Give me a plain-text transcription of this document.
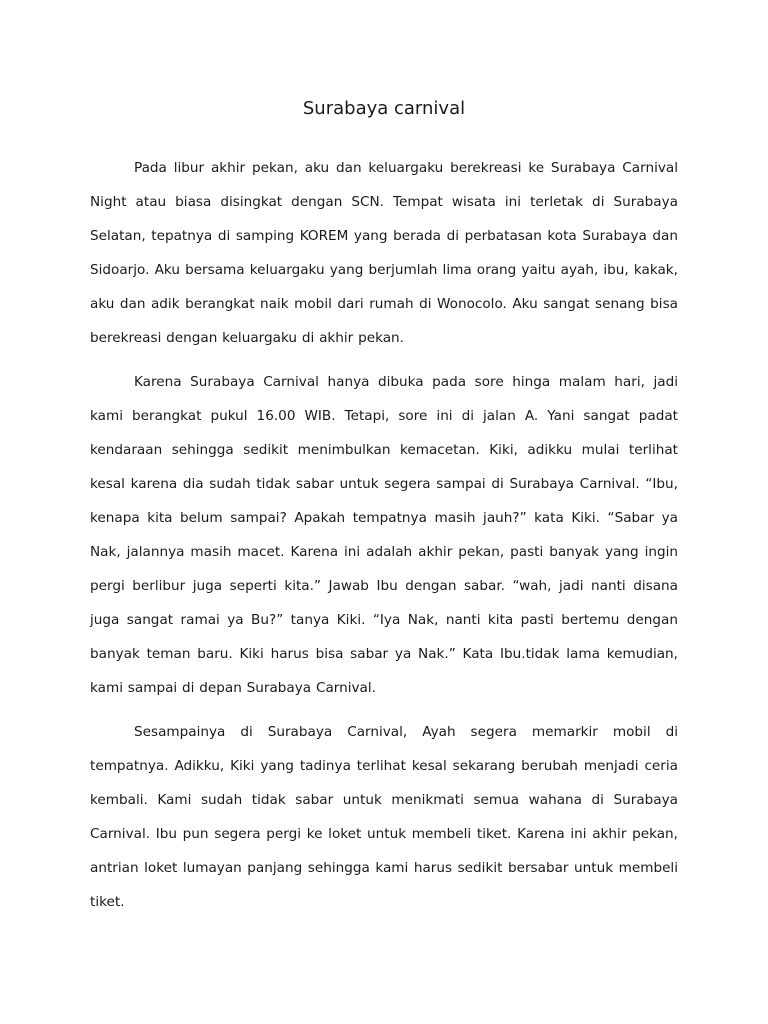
Surabaya carnival

Pada libur akhir pekan, aku dan keluargaku berekreasi ke Surabaya Carnival Night atau biasa disingkat dengan SCN. Tempat wisata ini terletak di Surabaya Selatan, tepatnya di samping KOREM yang berada di perbatasan kota Surabaya dan Sidoarjo. Aku bersama keluargaku yang berjumlah lima orang yaitu ayah, ibu, kakak, aku dan adik berangkat naik mobil dari rumah di Wonocolo. Aku sangat senang bisa berekreasi dengan keluargaku di akhir pekan.

Karena Surabaya Carnival hanya dibuka pada sore hinga malam hari, jadi kami berangkat pukul 16.00 WIB. Tetapi, sore ini di jalan A. Yani sangat padat kendaraan sehingga sedikit menimbulkan kemacetan. Kiki, adikku mulai terlihat kesal karena dia sudah tidak sabar untuk segera sampai di Surabaya Carnival. “Ibu, kenapa kita belum sampai? Apakah tempatnya masih jauh?” kata Kiki. “Sabar ya Nak, jalannya masih macet. Karena ini adalah akhir pekan, pasti banyak yang ingin pergi berlibur juga seperti kita.” Jawab Ibu dengan sabar. “wah, jadi nanti disana juga sangat ramai ya Bu?” tanya Kiki. “Iya Nak, nanti kita pasti bertemu dengan banyak teman baru. Kiki harus bisa sabar ya Nak.” Kata Ibu.tidak lama kemudian, kami sampai di depan Surabaya Carnival.

Sesampainya di Surabaya Carnival, Ayah segera memarkir mobil di tempatnya. Adikku, Kiki yang tadinya terlihat kesal sekarang berubah menjadi ceria kembali. Kami sudah tidak sabar untuk menikmati semua wahana di Surabaya Carnival. Ibu pun segera pergi ke loket untuk membeli tiket. Karena ini akhir pekan, antrian loket lumayan panjang sehingga kami harus sedikit bersabar untuk membeli tiket.
